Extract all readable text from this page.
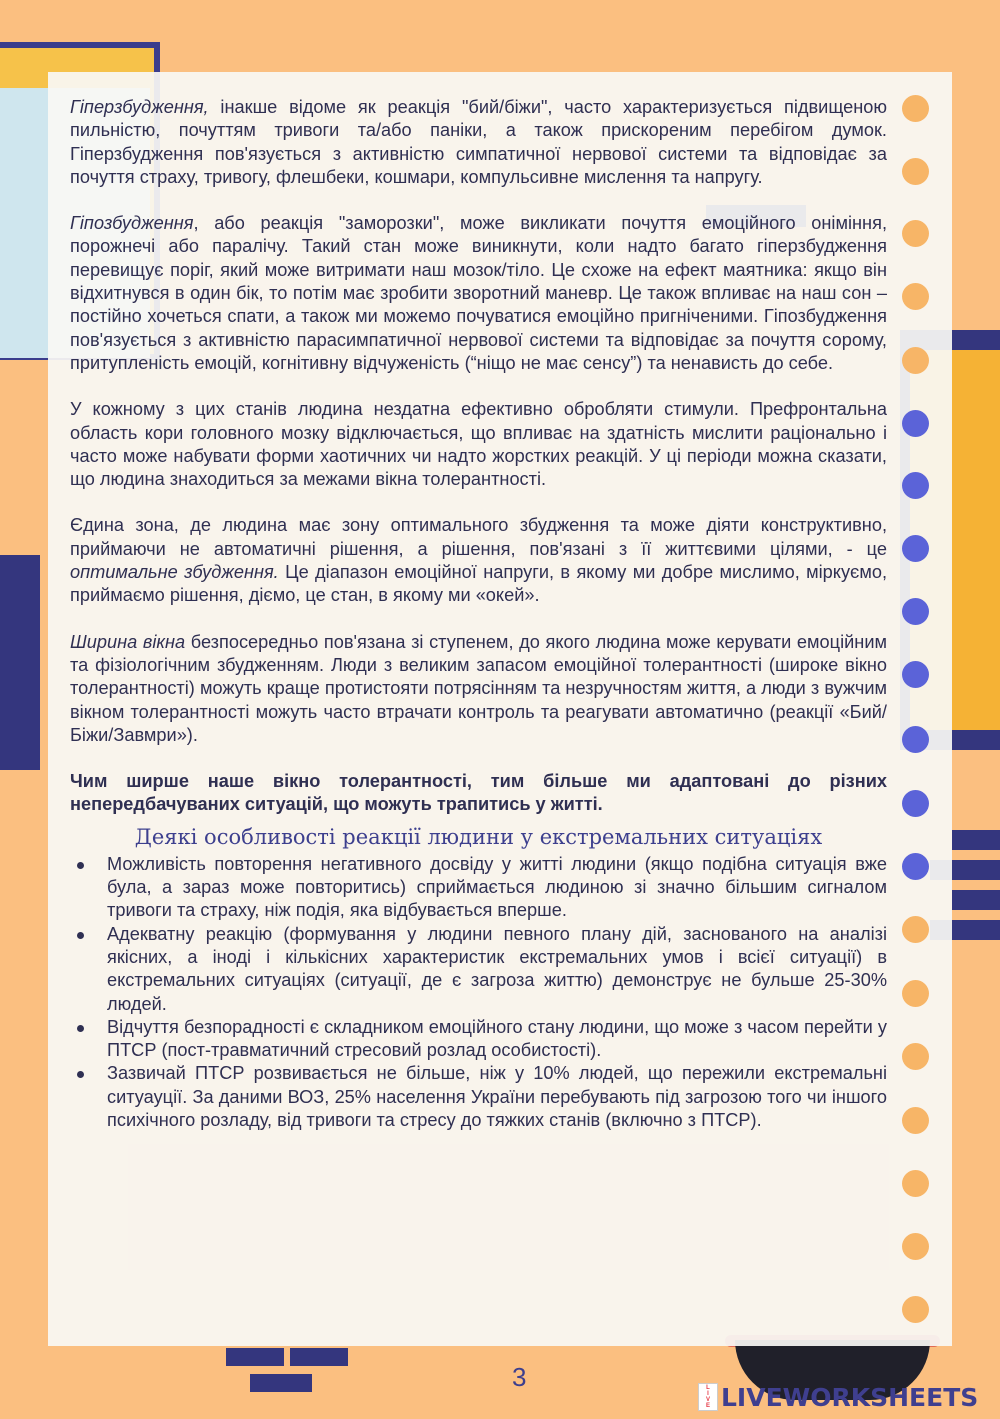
Гіперзбудження, інакше відоме як реакція "бий/біжи", часто характеризується підвищеною пильністю, почуттям тривоги та/або паніки, а також прискореним перебігом думок. Гіперзбудження пов'язується з активністю симпатичної нервової системи та відповідає за почуття страху, тривогу, флешбеки, кошмари, компульсивне мислення та напругу.

Гіпозбудження, або реакція "заморозки", може викликати почуття емоційного оніміння, порожнечі або паралічу. Такий стан може виникнути, коли надто багато гіперзбудження перевищує поріг, який може витримати наш мозок/тіло. Це схоже на ефект маятника: якщо він відхитнувся в один бік, то потім має зробити зворотний маневр. Це також впливає на наш сон – постійно хочеться спати, а також ми можемо почуватися емоційно пригніченими. Гіпозбудження пов'язується з активністю парасимпатичної нервової системи та відповідає за почуття сорому, притупленість емоцій, когнітивну відчуженість (“ніщо не має сенсу”) та ненависть до себе.

У кожному з цих станів людина нездатна ефективно обробляти стимули. Префронтальна область кори головного мозку відключається, що впливає на здатність мислити раціонально і часто може набувати форми хаотичних чи надто жорстких реакцій. У ці періоди можна сказати, що людина знаходиться за межами вікна толерантності.

Єдина зона, де людина має зону оптимального збудження та може діяти конструктивно, приймаючи не автоматичні рішення, а рішення, пов'язані з її життєвими цілями, - це оптимальне збудження. Це діапазон емоційної напруги, в якому ми добре мислимо, міркуємо, приймаємо рішення, діємо, це стан, в якому ми «окей».

Ширина вікна безпосередньо пов'язана зі ступенем, до якого людина може керувати емоційним та фізіологічним збудженням. Люди з великим запасом емоційної толерантності (широке вікно толерантності) можуть краще протистояти потрясінням та незручностям життя, а люди з вужчим вікном толерантності можуть часто втрачати контроль та реагувати автоматично (реакції «Бий/Біжи/Завмри»).

Чим ширше наше вікно толерантності, тим більше ми адаптовані до різних непередбачуваних ситуацій, що можуть трапитись у житті.

Деякі особливості реакції людини у екстремальних ситуаціях
Можливість повторення негативного досвіду у житті людини (якщо подібна ситуація вже була, а зараз може повторитись) сприймається людиною зі значно більшим сигналом тривоги та страху, ніж подія, яка відбувається вперше.
Адекватну реакцію (формування у людини певного плану дій, заснованого на аналізі якісних, а іноді і кількісних характеристик екстремальних умов і всієї ситуації) в екстремальних ситуаціях (ситуації, де є загроза життю) демонструє не бульше 25-30% людей.
Відчуття безпорадності є складником емоційного стану людини, що може з часом перейти у ПТСР (пост-травматичний стресовий розлад особистості).
Зазвичай ПТСР розвивається не більше, ніж у 10% людей, що пережили екстремальні ситуауції. За даними ВОЗ, 25% населення України перебувають під загрозою того чи іншого психічного розладу, від тривоги та стресу до тяжких станів (включно з ПТСР).
3	L
I
V
E LIVEWORKSHEETS
